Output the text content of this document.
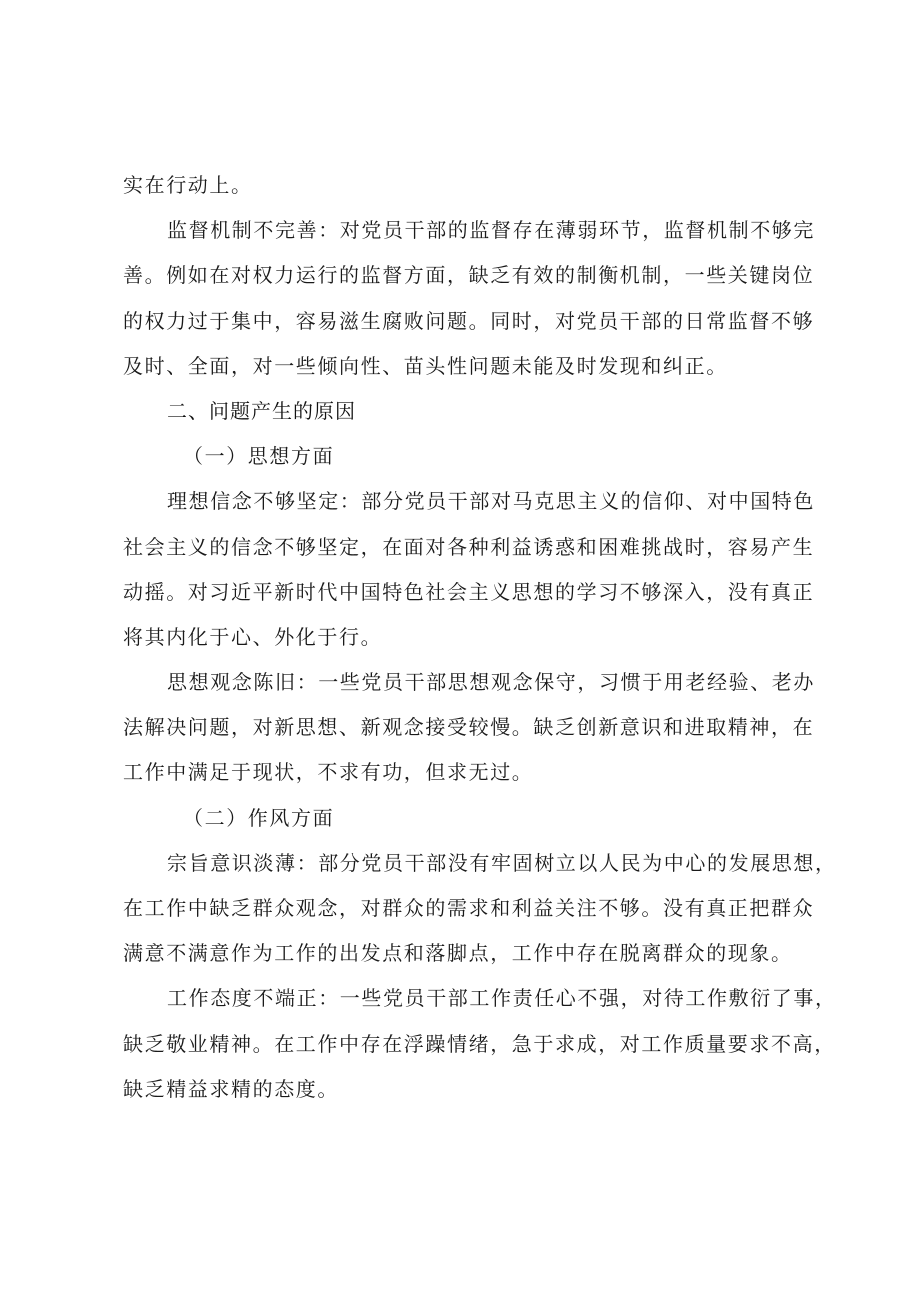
实在行动上。

监督机制不完善：对党员干部的监督存在薄弱环节，监督机制不够完

善。例如在对权力运行的监督方面，缺乏有效的制衡机制，一些关键岗位

的权力过于集中，容易滋生腐败问题。同时，对党员干部的日常监督不够

及时、全面，对一些倾向性、苗头性问题未能及时发现和纠正。

二、问题产生的原因

（一）思想方面

理想信念不够坚定：部分党员干部对马克思主义的信仰、对中国特色

社会主义的信念不够坚定，在面对各种利益诱惑和困难挑战时，容易产生

动摇。对习近平新时代中国特色社会主义思想的学习不够深入，没有真正

将其内化于心、外化于行。

思想观念陈旧：一些党员干部思想观念保守，习惯于用老经验、老办

法解决问题，对新思想、新观念接受较慢。缺乏创新意识和进取精神，在

工作中满足于现状，不求有功，但求无过。

（二）作风方面

宗旨意识淡薄：部分党员干部没有牢固树立以人民为中心的发展思想，

在工作中缺乏群众观念，对群众的需求和利益关注不够。没有真正把群众

满意不满意作为工作的出发点和落脚点，工作中存在脱离群众的现象。

工作态度不端正：一些党员干部工作责任心不强，对待工作敷衍了事，

缺乏敬业精神。在工作中存在浮躁情绪，急于求成，对工作质量要求不高，

缺乏精益求精的态度。
